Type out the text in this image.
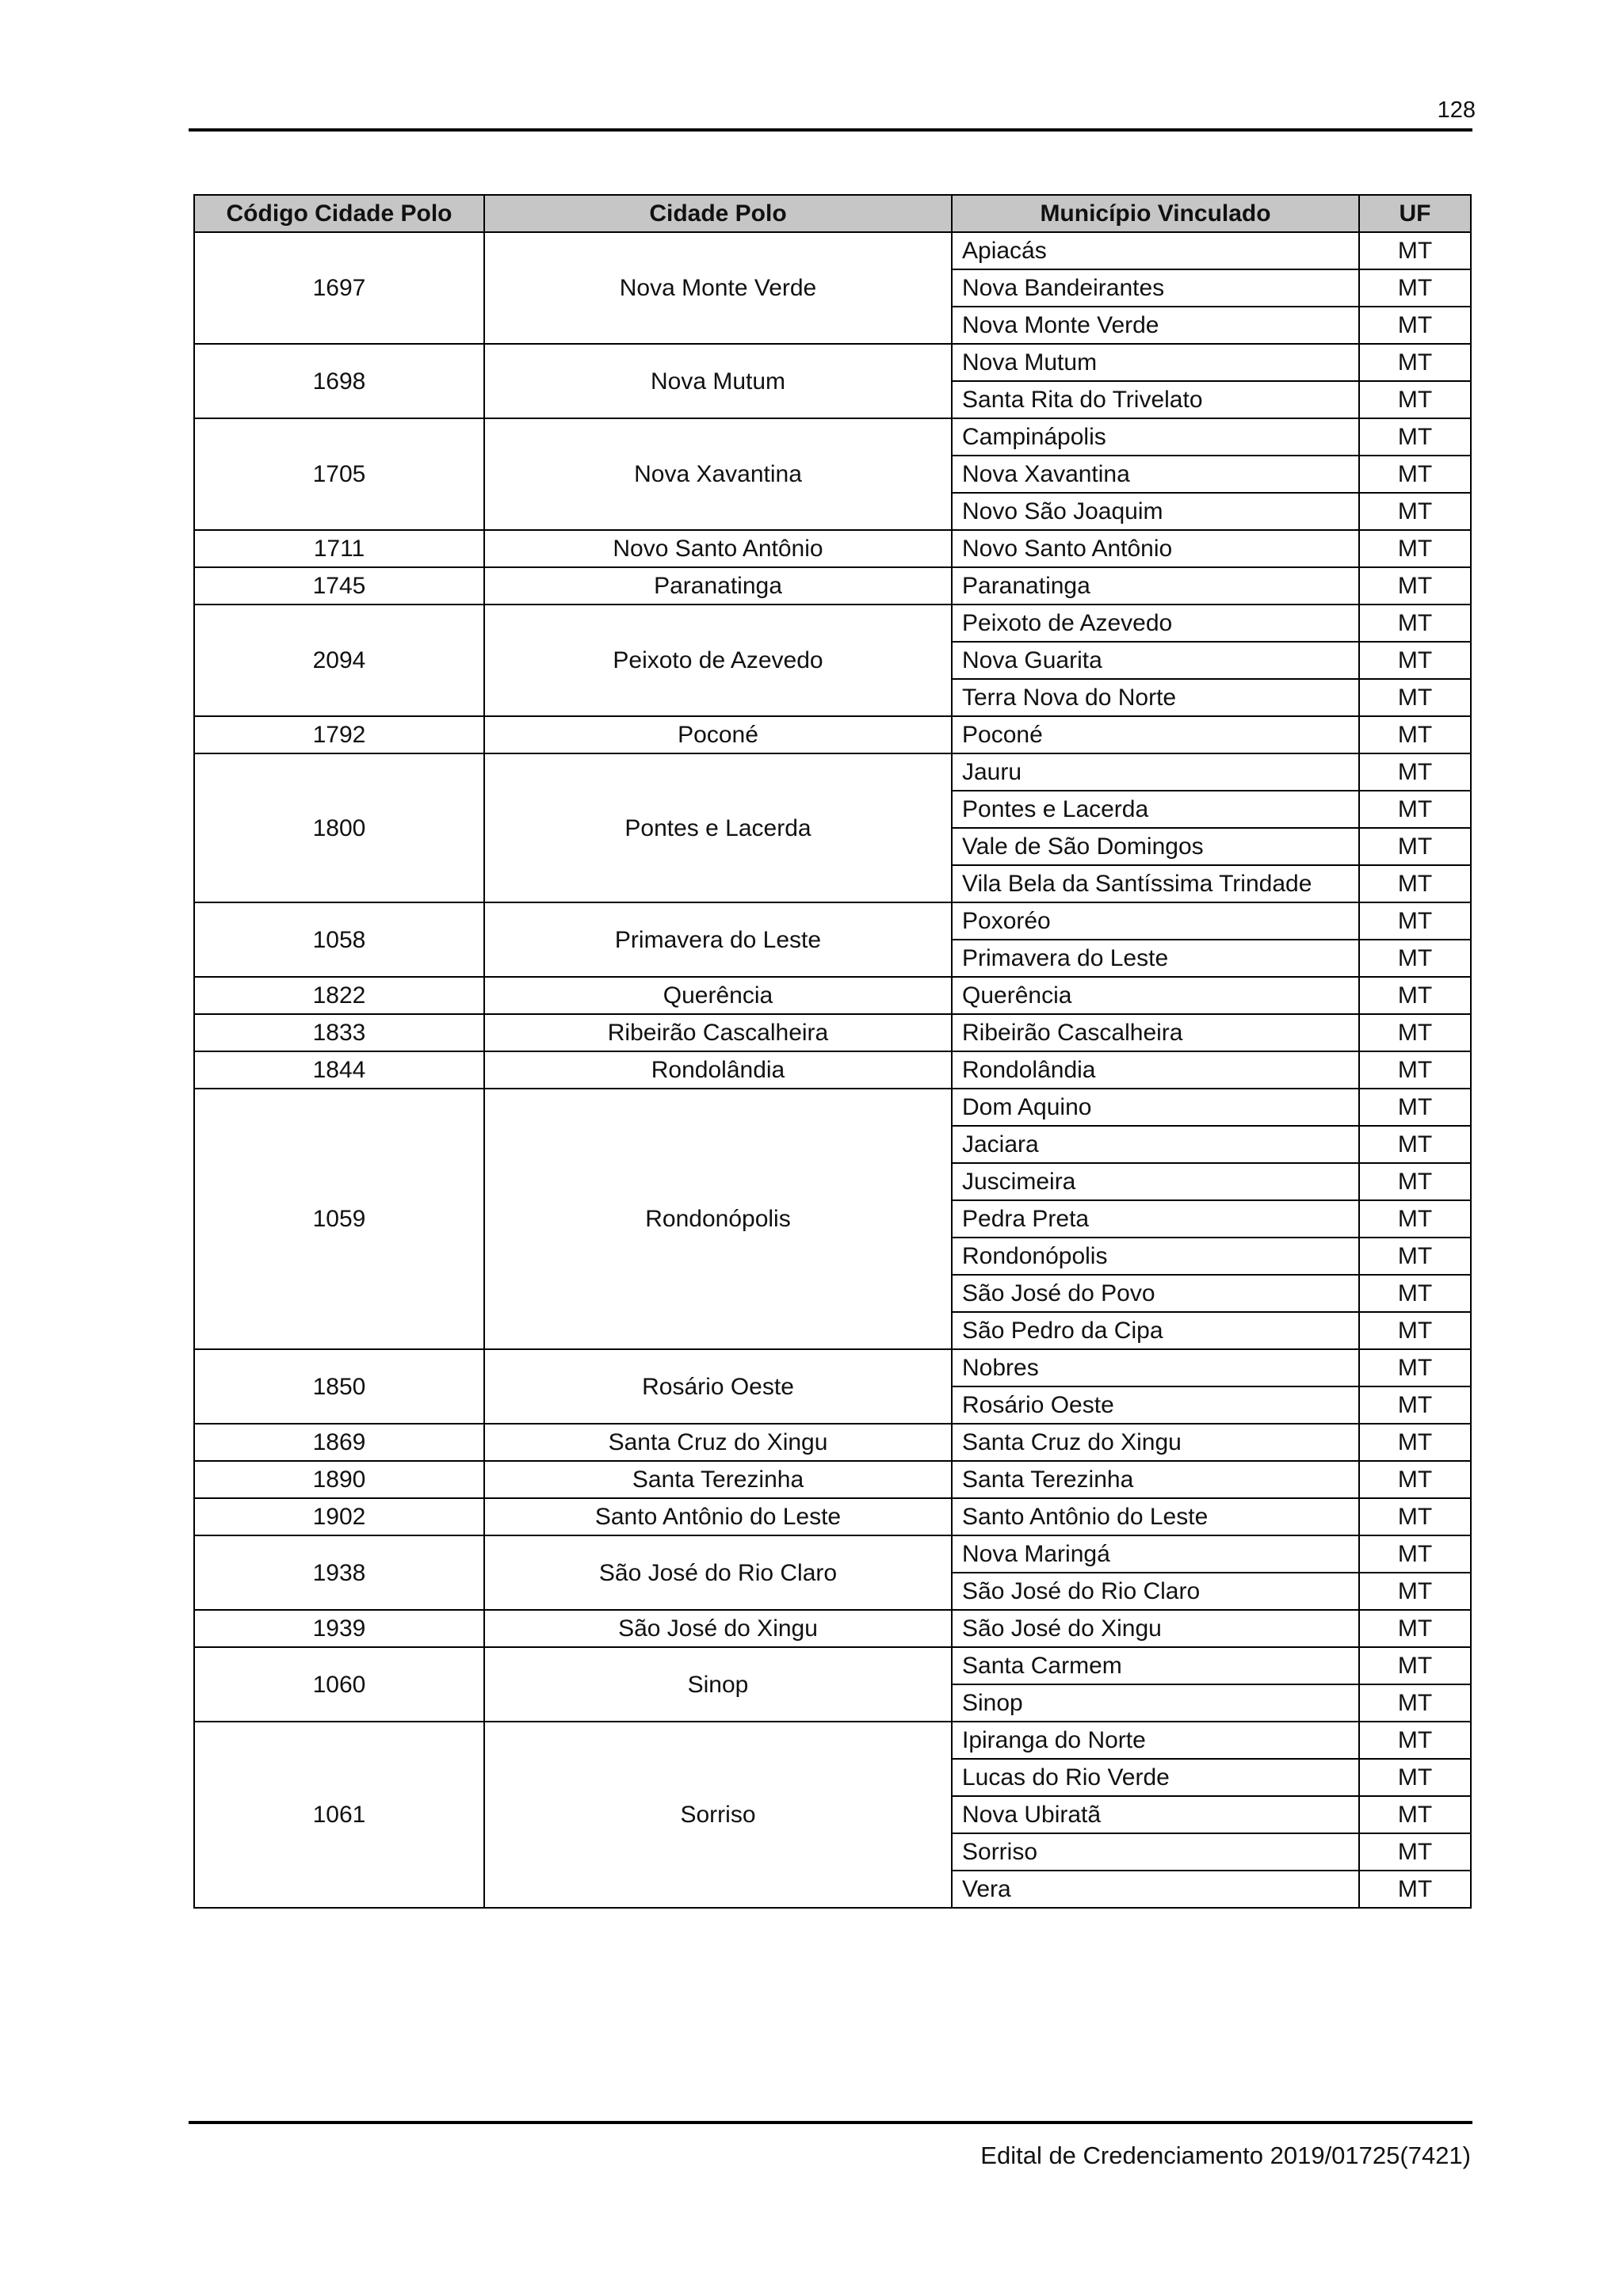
128
Código Cidade Polo	Cidade Polo	Município Vinculado	UF
1697	Nova Monte Verde	Apiacás	MT
		Nova Bandeirantes	MT
		Nova Monte Verde	MT
1698	Nova Mutum	Nova Mutum	MT
		Santa Rita do Trivelato	MT
1705	Nova Xavantina	Campinápolis	MT
		Nova Xavantina	MT
		Novo São Joaquim	MT
1711	Novo Santo Antônio	Novo Santo Antônio	MT
1745	Paranatinga	Paranatinga	MT
2094	Peixoto de Azevedo	Peixoto de Azevedo	MT
		Nova Guarita	MT
		Terra Nova do Norte	MT
1792	Poconé	Poconé	MT
1800	Pontes e Lacerda	Jauru	MT
		Pontes e Lacerda	MT
		Vale de São Domingos	MT
		Vila Bela da Santíssima Trindade	MT
1058	Primavera do Leste	Poxoréo	MT
		Primavera do Leste	MT
1822	Querência	Querência	MT
1833	Ribeirão Cascalheira	Ribeirão Cascalheira	MT
1844	Rondolândia	Rondolândia	MT
1059	Rondonópolis	Dom Aquino	MT
		Jaciara	MT
		Juscimeira	MT
		Pedra Preta	MT
		Rondonópolis	MT
		São José do Povo	MT
		São Pedro da Cipa	MT
1850	Rosário Oeste	Nobres	MT
		Rosário Oeste	MT
1869	Santa Cruz do Xingu	Santa Cruz do Xingu	MT
1890	Santa Terezinha	Santa Terezinha	MT
1902	Santo Antônio do Leste	Santo Antônio do Leste	MT
1938	São José do Rio Claro	Nova Maringá	MT
		São José do Rio Claro	MT
1939	São José do Xingu	São José do Xingu	MT
1060	Sinop	Santa Carmem	MT
		Sinop	MT
1061	Sorriso	Ipiranga do Norte	MT
		Lucas do Rio Verde	MT
		Nova Ubiratã	MT
		Sorriso	MT
		Vera	MT
Edital de Credenciamento 2019/01725(7421)
